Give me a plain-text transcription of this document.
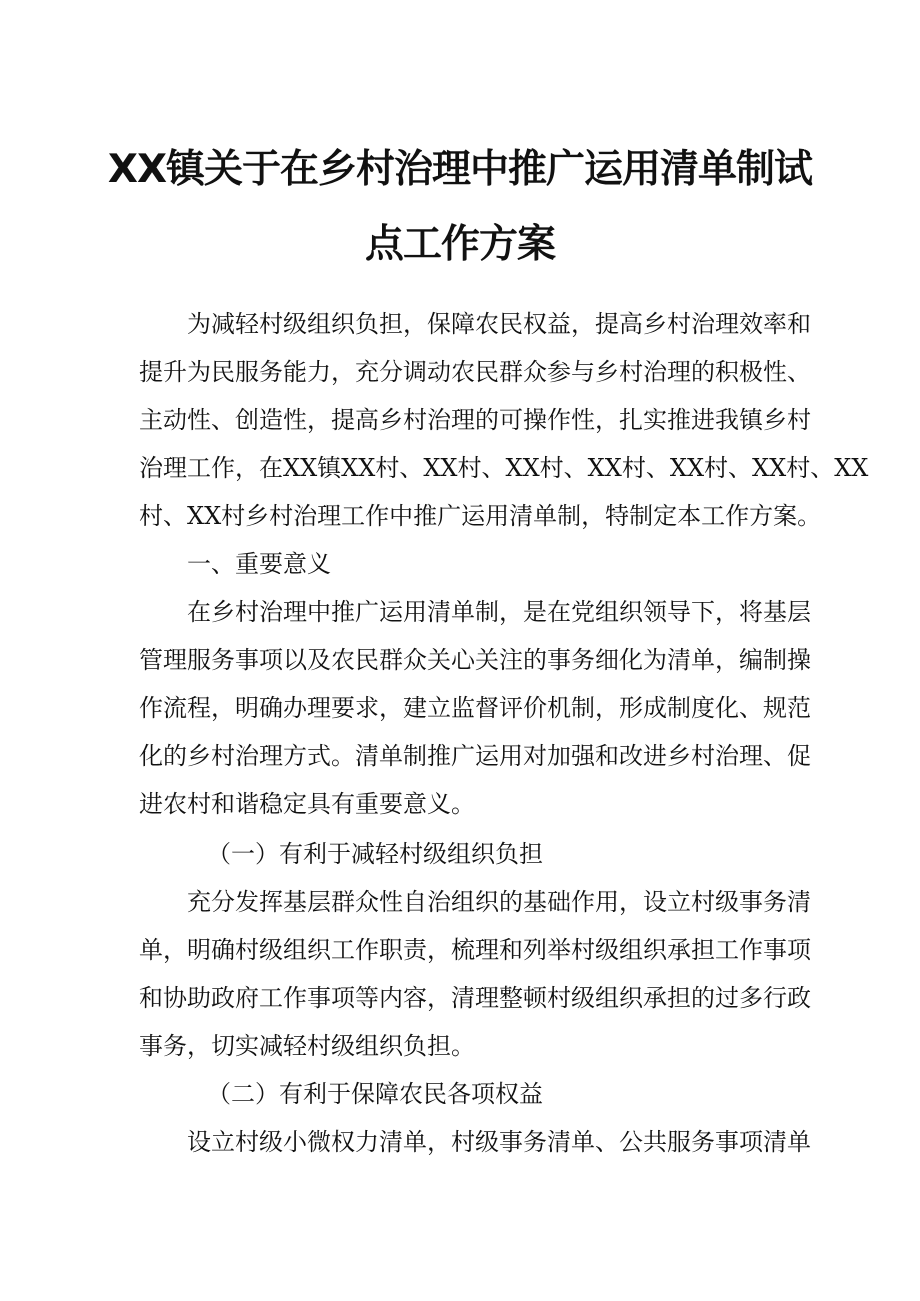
XX镇关于在乡村治理中推广运用清单制试
点工作方案
为减轻村级组织负担，保障农民权益，提高乡村治理效率和
提升为民服务能力，充分调动农民群众参与乡村治理的积极性、
主动性、创造性，提高乡村治理的可操作性，扎实推进我镇乡村
治理工作，在XX镇XX村、XX村、XX村、XX村、XX村、XX村、XX
村、XX村乡村治理工作中推广运用清单制，特制定本工作方案。
一、重要意义
在乡村治理中推广运用清单制，是在党组织领导下，将基层
管理服务事项以及农民群众关心关注的事务细化为清单，编制操
作流程，明确办理要求，建立监督评价机制，形成制度化、规范
化的乡村治理方式。清单制推广运用对加强和改进乡村治理、促
进农村和谐稳定具有重要意义。
（一）有利于减轻村级组织负担
充分发挥基层群众性自治组织的基础作用，设立村级事务清
单，明确村级组织工作职责，梳理和列举村级组织承担工作事项
和协助政府工作事项等内容，清理整顿村级组织承担的过多行政
事务，切实减轻村级组织负担。
（二）有利于保障农民各项权益
设立村级小微权力清单，村级事务清单、公共服务事项清单
